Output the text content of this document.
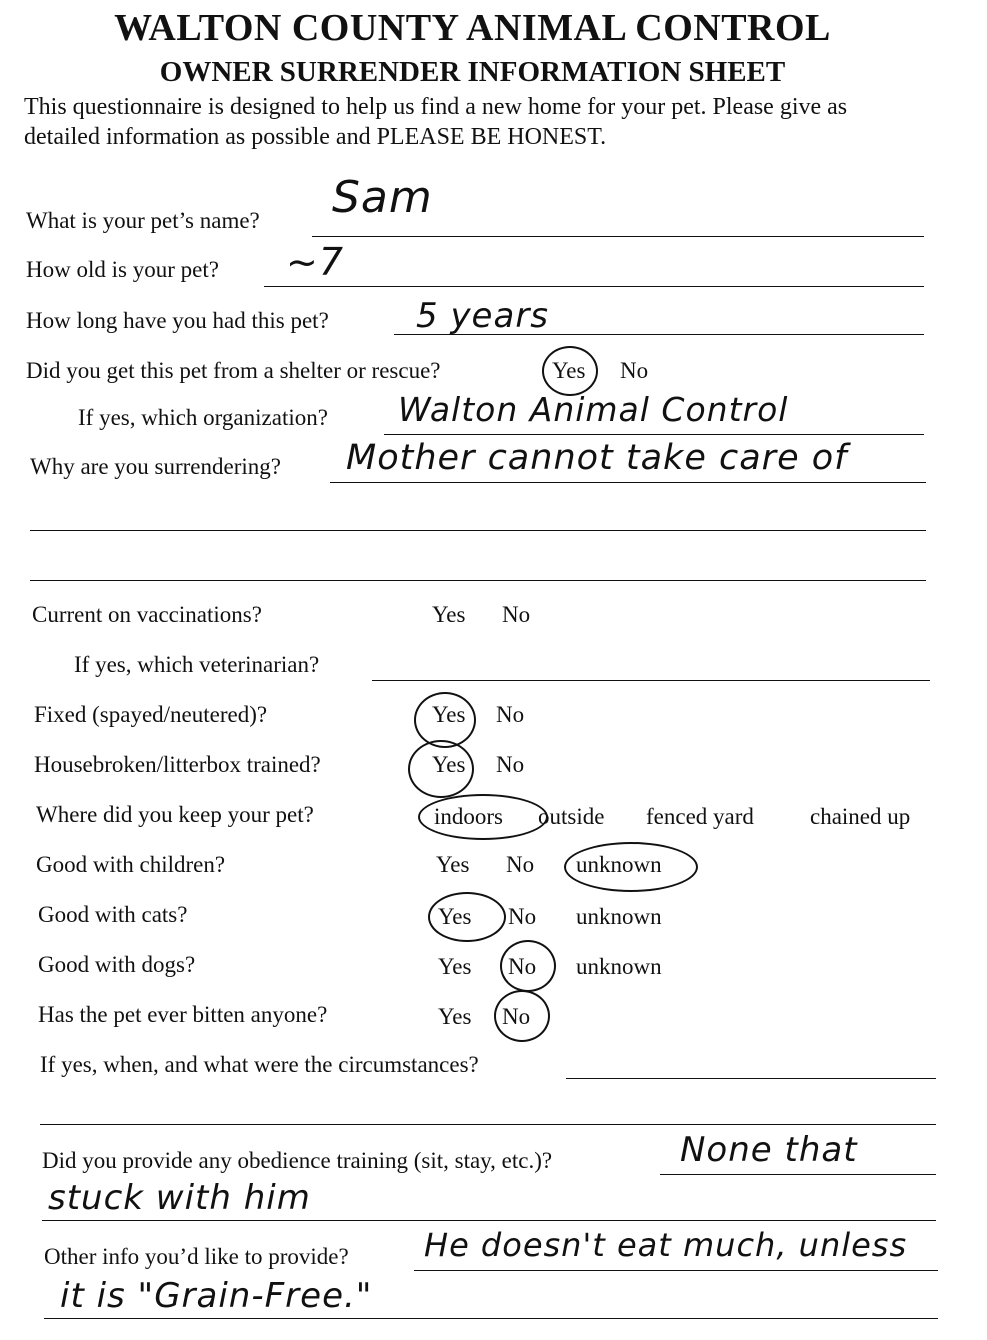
WALTON COUNTY ANIMAL CONTROL
OWNER SURRENDER INFORMATION SHEET
This questionnaire is designed to help us find a new home for your pet. Please give as detailed information as possible and PLEASE BE HONEST.
What is your pet’s name? Sam
How old is your pet? ~7
How long have you had this pet?	5 years
Did you get this pet from a shelter or rescue?	Yes No
If yes, which organization? Walton Animal Control
Why are you surrendering? Mother cannot take care of
Current on vaccinations?	Yes No
If yes, which veterinarian?
Fixed (spayed/neutered)?	Yes No
Housebroken/litterbox trained?	Yes No
Where did you keep your pet?	indoors outside fenced yard chained up
Good with children?	Yes No unknown
Good with cats?	Yes No unknown
Good with dogs?	Yes No unknown
Has the pet ever bitten anyone?	Yes No
If yes, when, and what were the circumstances?
Did you provide any obedience training (sit, stay, etc.)?	None that
stuck with him
Other info you’d like to provide? He doesn't eat much, unless
it is "Grain-Free."
